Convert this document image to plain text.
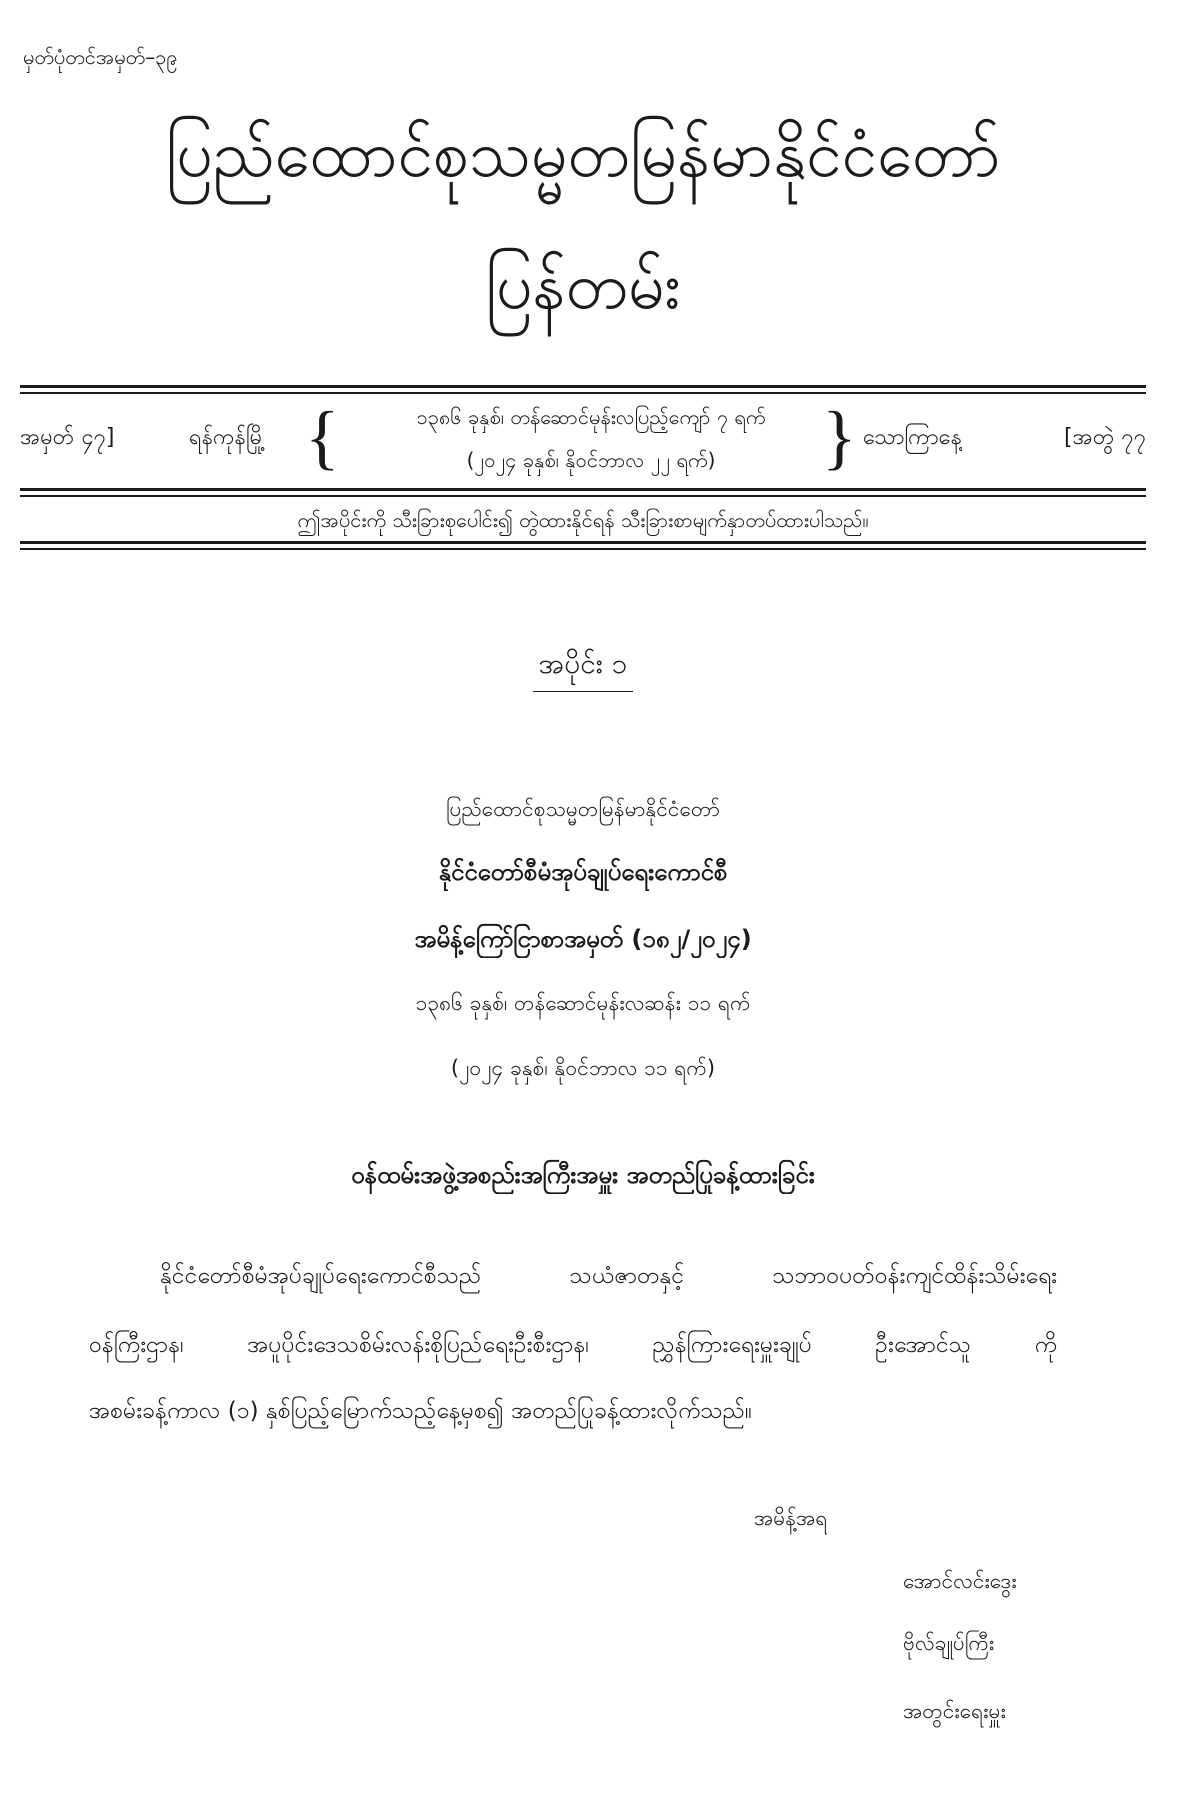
မှတ်ပုံတင်အမှတ်–၃၉
ပြည်ထောင်စုသမ္မတမြန်မာနိုင်ငံတော်
ပြန်တမ်း
အမှတ် ၄၇]	ရန်ကုန်မြို့ {	၁၃၈၆ ခုနှစ်၊ တန်ဆောင်မုန်းလပြည့်ကျော် ၇ ရက်
(၂၀၂၄ ခုနှစ်၊ နိုဝင်ဘာလ ၂၂ ရက်)	} သောကြာနေ့	[အတွဲ ၇၇
ဤအပိုင်းကို သီးခြားစုပေါင်း၍ တွဲထားနိုင်ရန် သီးခြားစာမျက်နှာတပ်ထားပါသည်။
အပိုင်း ၁
ပြည်ထောင်စုသမ္မတမြန်မာနိုင်ငံတော်
နိုင်ငံတော်စီမံအုပ်ချုပ်ရေးကောင်စီ
အမိန့်ကြော်ငြာစာအမှတ် (၁၈၂/၂၀၂၄)
၁၃၈၆ ခုနှစ်၊ တန်ဆောင်မုန်းလဆန်း ၁၁ ရက်
(၂၀၂၄ ခုနှစ်၊ နိုဝင်ဘာလ ၁၁ ရက်)
ဝန်ထမ်းအဖွဲ့အစည်းအကြီးအမှူး အတည်ပြုခန့်ထားခြင်း
နိုင်ငံတော်စီမံအုပ်ချုပ်ရေးကောင်စီသည် သယံဇာတနှင့် သဘာဝပတ်ဝန်းကျင်ထိန်းသိမ်းရေး
ဝန်ကြီးဌာန၊ အပူပိုင်းဒေသစိမ်းလန်းစိုပြည်ရေးဦးစီးဌာန၊ ညွှန်ကြားရေးမှူးချုပ် ဦးအောင်သူ ကို
အစမ်းခန့်ကာလ (၁) နှစ်ပြည့်မြောက်သည့်နေ့မှစ၍ အတည်ပြုခန့်ထားလိုက်သည်။
အမိန့်အရ
အောင်လင်းဒွေး
ဗိုလ်ချုပ်ကြီး
အတွင်းရေးမှူး
